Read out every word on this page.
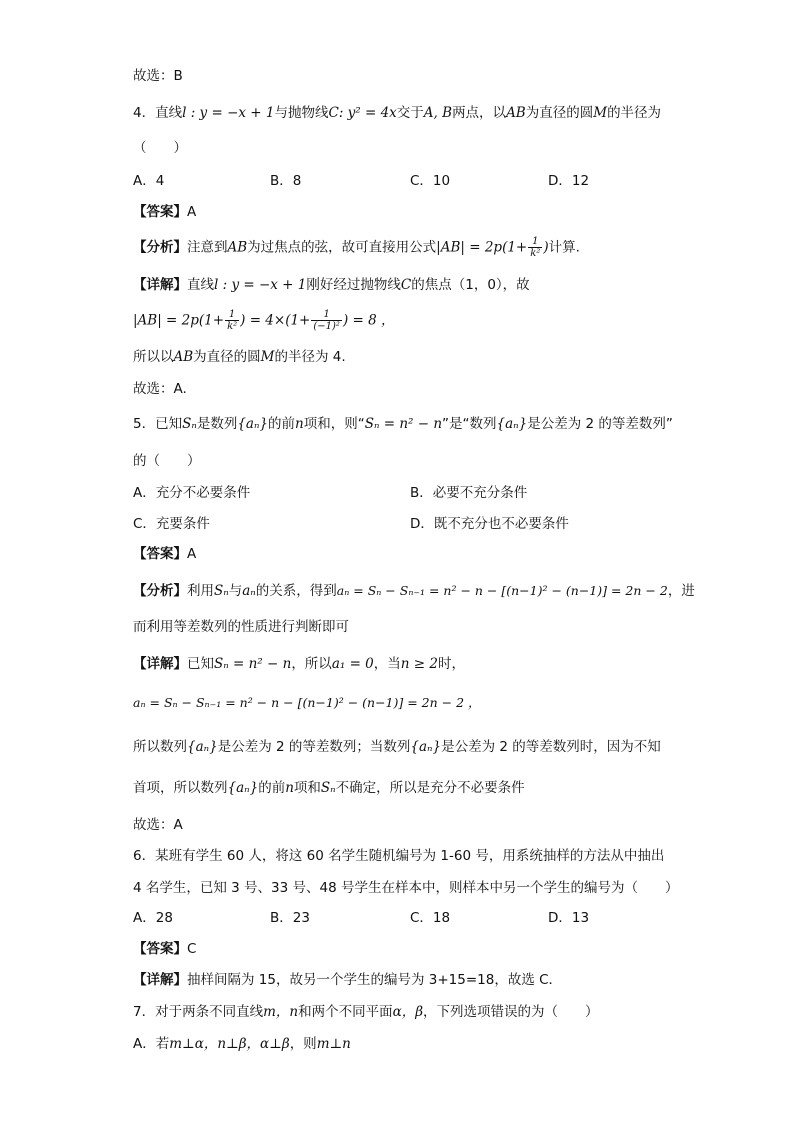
故选：B
4．直线l : y = −x + 1与抛物线C: y² = 4x交于A, B两点，以AB为直径的圆M的半径为
（　　）
A．4	B．8	C．10	D．12
【答案】A
【分析】注意到AB为过焦点的弦，故可直接用公式$|AB| = 2p(1+ \frac{1}{\text{k²}}$ )计算.
【详解】直线l : y = −x + 1刚好经过抛物线C的焦点（1，0），故
$|AB| = 2p(1+ \frac{1}{\text{k²}}$ ) = $4\times(1+ \frac{1}{\text{(−1)²}}$ ) = 8 ，
所以以AB为直径的圆M的半径为 4.
故选：A.
5．已知Sₙ是数列{aₙ}的前n项和，则“Sₙ = n² − n”是“数列{aₙ}是公差为 2 的等差数列”
的（　　）
A．充分不必要条件	B．必要不充分条件
C．充要条件	D．既不充分也不必要条件
【答案】A
【分析】利用Sₙ与aₙ的关系，得到aₙ = Sₙ − Sₙ₋₁ = n² − n − [(n−1)² − (n−1)] = 2n − 2，进
而利用等差数列的性质进行判断即可
【详解】已知Sₙ = n² − n，所以a₁ = 0，当n ≥ 2时，
aₙ = Sₙ − Sₙ₋₁ = n² − n − [(n−1)² − (n−1)] = 2n − 2 ，
所以数列{aₙ}是公差为 2 的等差数列；当数列{aₙ}是公差为 2 的等差数列时，因为不知
首项，所以数列{aₙ}的前n项和Sₙ不确定，所以是充分不必要条件
故选：A
6．某班有学生 60 人，将这 60 名学生随机编号为 1-60 号，用系统抽样的方法从中抽出
4 名学生，已知 3 号、33 号、48 号学生在样本中，则样本中另一个学生的编号为（　　）
A．28	B．23	C．18	D．13
【答案】C
【详解】抽样间隔为 15，故另一个学生的编号为 3+15=18，故选 C．
7．对于两条不同直线m，n和两个不同平面α，β，下列选项错误的为（　　）
A．若m⊥α，n⊥β，α⊥β，则m⊥n
